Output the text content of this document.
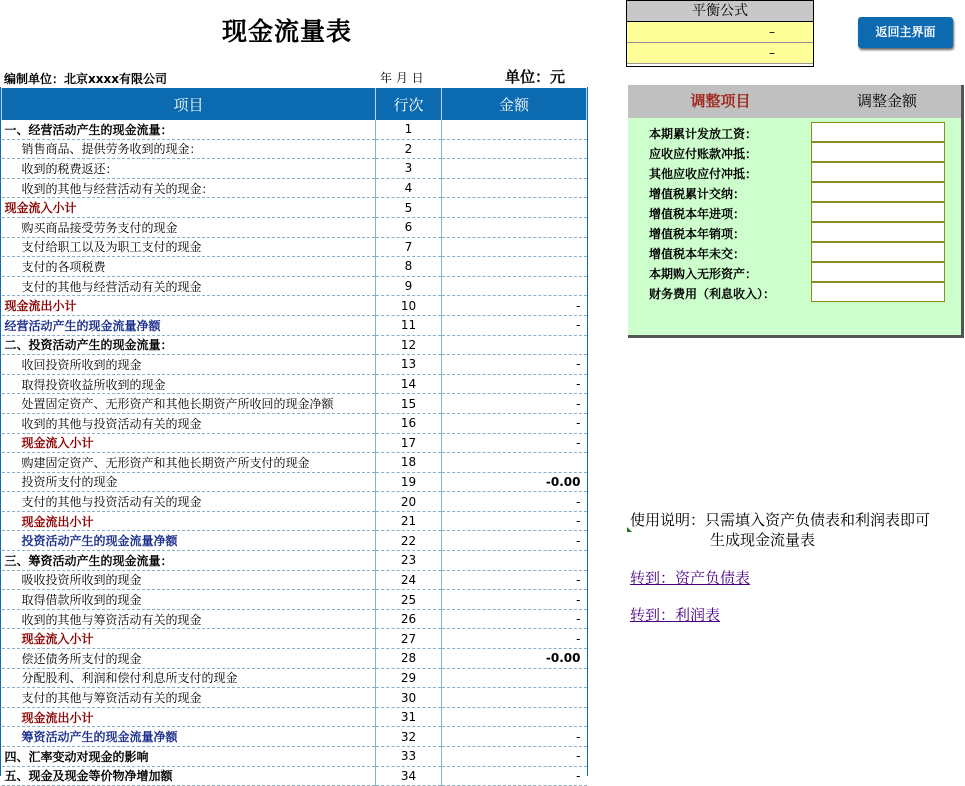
现金流量表
编制单位：北京xxxx有限公司	年 月 日	单位：元
项目	行次	金额
一、经营活动产生的现金流量：	1	
销售商品、提供劳务收到的现金：	2	
收到的税费返还：	3	
收到的其他与经营活动有关的现金：	4	
现金流入小计	5	
购买商品接受劳务支付的现金	6	
支付给职工以及为职工支付的现金	7	
支付的各项税费	8	
支付的其他与经营活动有关的现金	9	
现金流出小计	10	-
经营活动产生的现金流量净额	11	-
二、投资活动产生的现金流量：	12	
收回投资所收到的现金	13	-
取得投资收益所收到的现金	14	-
处置固定资产、无形资产和其他长期资产所收回的现金净额	15	-
收到的其他与投资活动有关的现金	16	-
现金流入小计	17	-
购建固定资产、无形资产和其他长期资产所支付的现金	18	
投资所支付的现金	19	-0.00
支付的其他与投资活动有关的现金	20	-
现金流出小计	21	-
投资活动产生的现金流量净额	22	-
三、筹资活动产生的现金流量：	23	
吸收投资所收到的现金	24	-
取得借款所收到的现金	25	-
收到的其他与筹资活动有关的现金	26	-
现金流入小计	27	-
偿还债务所支付的现金	28	-0.00
分配股利、利润和偿付利息所支付的现金	29	
支付的其他与筹资活动有关的现金	30	
现金流出小计	31	
筹资活动产生的现金流量净额	32	-
四、汇率变动对现金的影响	33	-
五、现金及现金等价物净增加额	34	-
平衡公式
–
–
返回主界面
调整项目	调整金额
本期累计发放工资：
应收应付账款冲抵：
其他应收应付冲抵：
增值税累计交纳：
增值税本年进项：
增值税本年销项：
增值税本年未交：
本期购入无形资产：
财务费用（利息收入）：
使用说明：只需填入资产负债表和利润表即可
生成现金流量表
转到：资产负债表
转到：利润表
